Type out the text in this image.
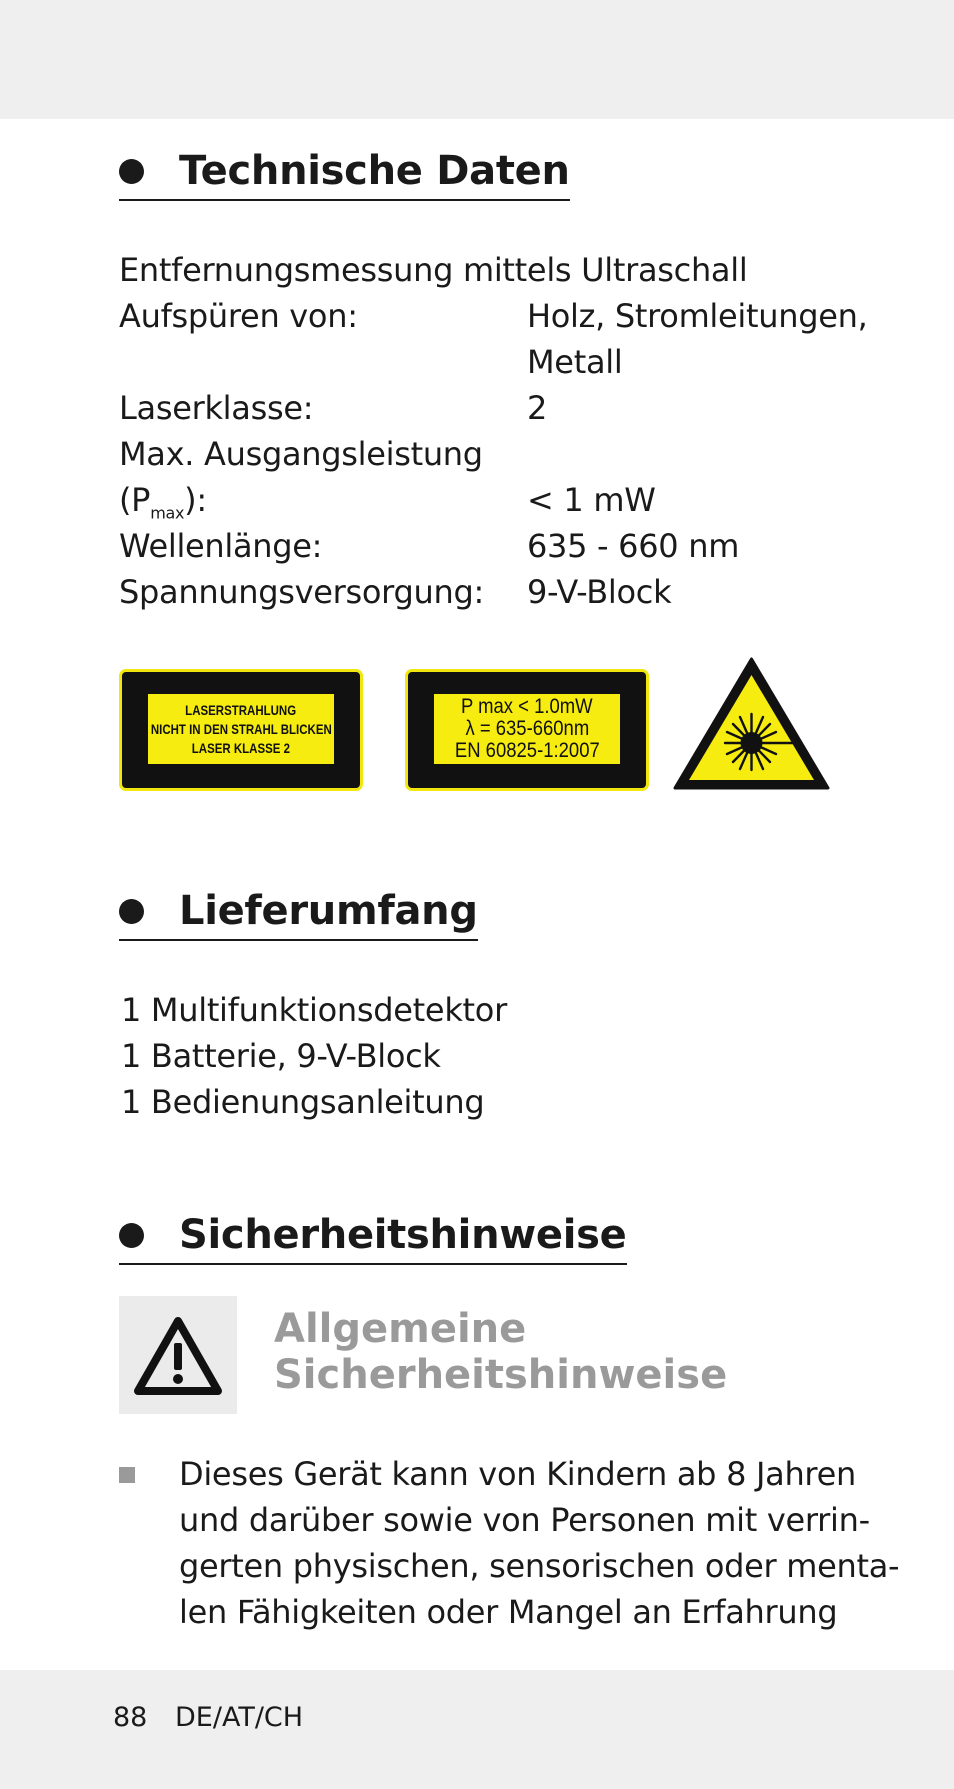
Technische Daten
Entfernungsmessung mittels Ultraschall
Aufspüren von:	Holz, Stromleitungen,
Metall
Laserklasse:	2
Max. Ausgangsleistung
$(P_{max})$:	< 1 mW
Wellenlänge:	635 - 660 nm
Spannungsversorgung: 9-V-Block
LASERSTRAHLUNG
NICHT IN DEN STRAHL BLICKEN
LASER KLASSE 2
P max < 1.0mW
λ = 635-660nm
EN 60825-1:2007
Lieferumfang
1 Multifunktionsdetektor
1 Batterie, 9-V-Block
1 Bedienungsanleitung
Sicherheitshinweise
Allgemeine
Sicherheitshinweise
Dieses Gerät kann von Kindern ab 8 Jahren
und darüber sowie von Personen mit verrin-
gerten physischen, sensorischen oder menta-
len Fähigkeiten oder Mangel an Erfahrung
88 DE/AT/CH
